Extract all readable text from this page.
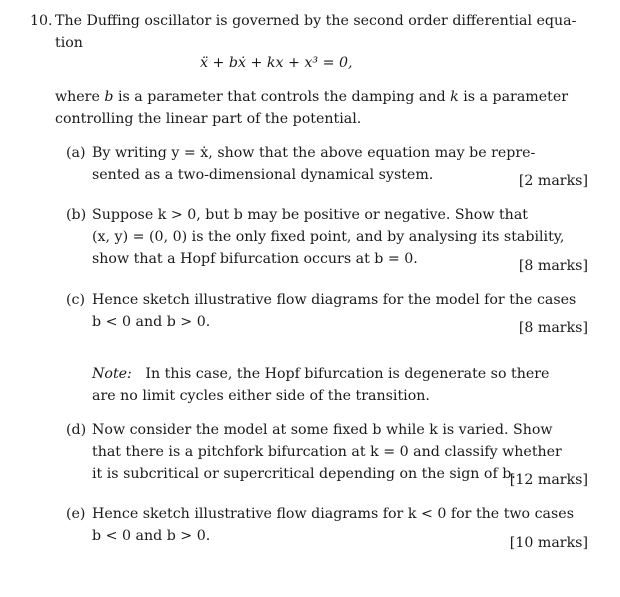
10. The Duffing oscillator is governed by the second order differential equa-
tion
ẍ + bẋ + kx + x³ = 0,
where b is a parameter that controls the damping and k is a parameter
controlling the linear part of the potential.
(a) By writing y = ẋ, show that the above equation may be repre-
sented as a two-dimensional dynamical system.	[2 marks]
(b) Suppose k > 0, but b may be positive or negative. Show that
(x, y) = (0, 0) is the only fixed point, and by analysing its stability,
show that a Hopf bifurcation occurs at b = 0.	[8 marks]
(c) Hence sketch illustrative flow diagrams for the model for the cases
b < 0 and b > 0.	[8 marks]
Note: In this case, the Hopf bifurcation is degenerate so there
are no limit cycles either side of the transition.
(d) Now consider the model at some fixed b while k is varied. Show
that there is a pitchfork bifurcation at k = 0 and classify whether
it is subcritical or supercritical depending on the sign of b.
[12 marks]
(e) Hence sketch illustrative flow diagrams for k < 0 for the two cases
b < 0 and b > 0.	[10 marks]
